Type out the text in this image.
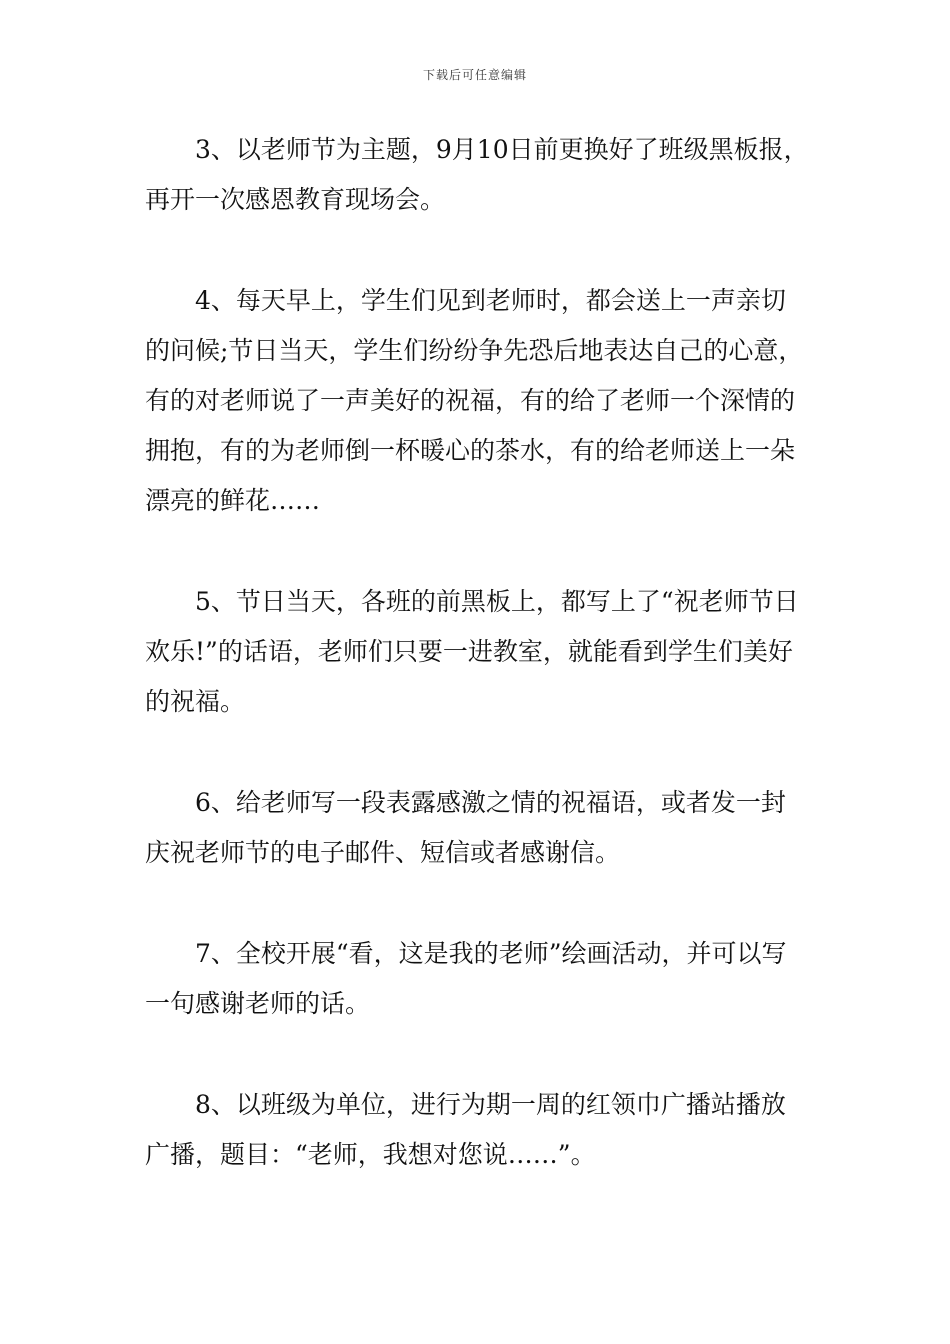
下载后可任意编辑

3、以老师节为主题，9月10日前更换好了班级黑板报，再开一次感恩教育现场会。

4、每天早上，学生们见到老师时，都会送上一声亲切的问候;节日当天，学生们纷纷争先恐后地表达自己的心意，有的对老师说了一声美好的祝福，有的给了老师一个深情的拥抱，有的为老师倒一杯暖心的茶水，有的给老师送上一朵漂亮的鲜花……

5、节日当天，各班的前黑板上，都写上了“祝老师节日欢乐!”的话语，老师们只要一进教室，就能看到学生们美好的祝福。

6、给老师写一段表露感激之情的祝福语，或者发一封庆祝老师节的电子邮件、短信或者感谢信。

7、全校开展“看，这是我的老师”绘画活动，并可以写一句感谢老师的话。

8、以班级为单位，进行为期一周的红领巾广播站播放广播，题目：“老师，我想对您说……”。
